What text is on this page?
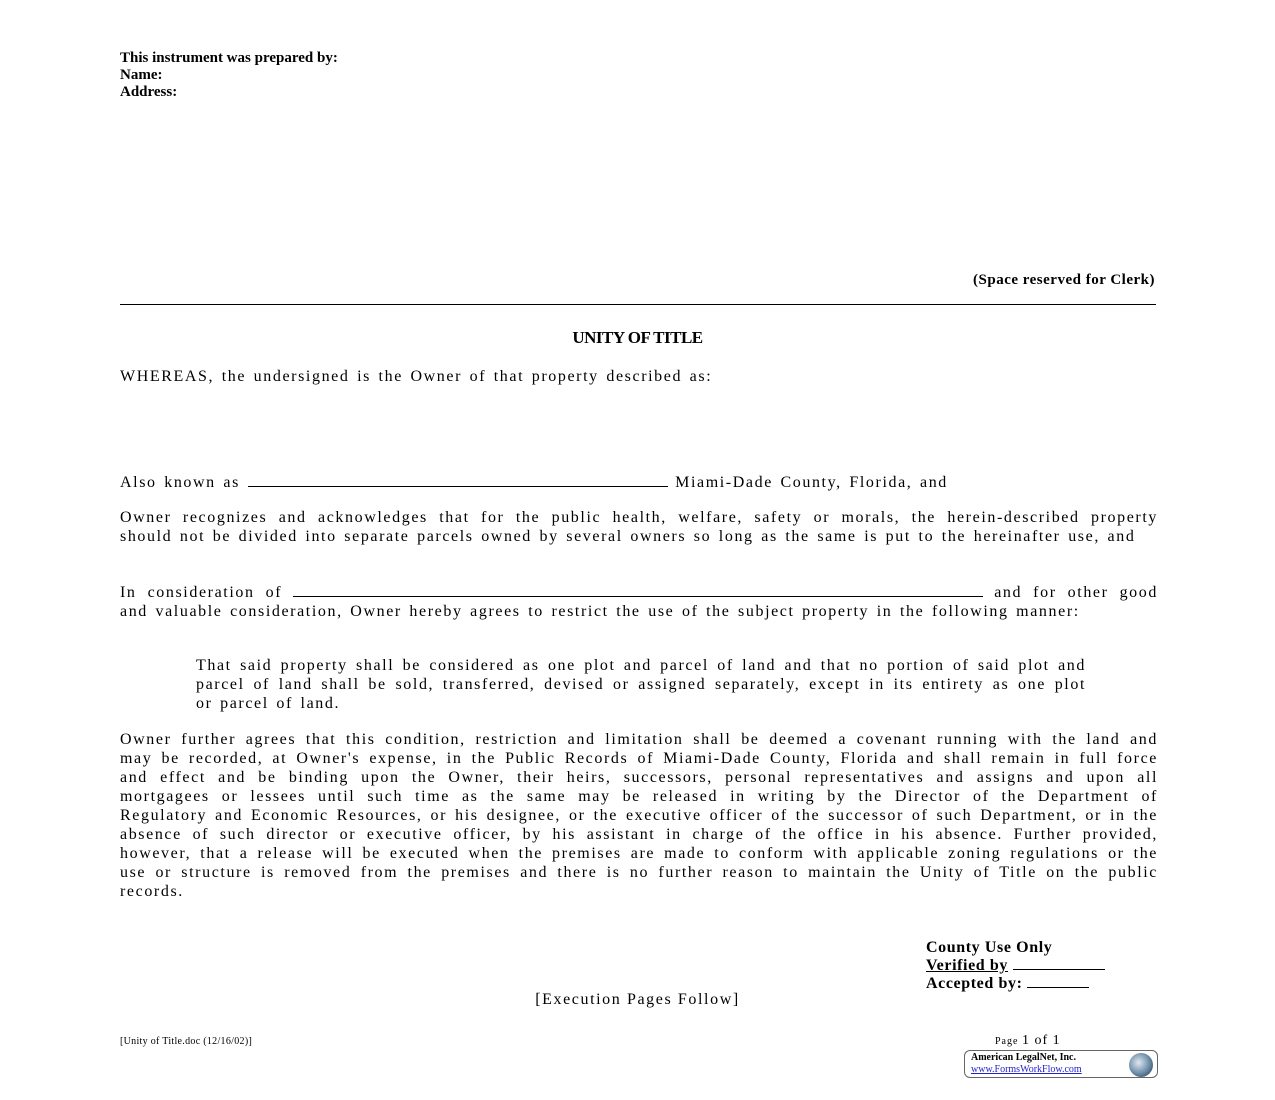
This instrument was prepared by:
Name:
Address:
(Space reserved for Clerk)
UNITY OF TITLE
WHEREAS, the undersigned is the Owner of that property described as:
Also known as	Miami-Dade County, Florida, and
Owner recognizes and acknowledges that for the public health, welfare, safety or morals, the herein-described property should not be divided into separate parcels owned by several owners so long as the same is put to the hereinafter use, and
In consideration of	and for other good and valuable consideration, Owner hereby agrees to restrict the use of the subject property in the following manner:
That said property shall be considered as one plot and parcel of land and that no portion of said plot and parcel of land shall be sold, transferred, devised or assigned separately, except in its entirety as one plot or parcel of land.
Owner further agrees that this condition, restriction and limitation shall be deemed a covenant running with the land and may be recorded, at Owner's expense, in the Public Records of Miami-Dade County, Florida and shall remain in full force and effect and be binding upon the Owner, their heirs, successors, personal representatives and assigns and upon all mortgagees or lessees until such time as the same may be released in writing by the Director of the Department of Regulatory and Economic Resources, or his designee, or the executive officer of the successor of such Department, or in the absence of such director or executive officer, by his assistant in charge of the office in his absence. Further provided, however, that a release will be executed when the premises are made to conform with applicable zoning regulations or the use or structure is removed from the premises and there is no further reason to maintain the Unity of Title on the public records.
County Use Only
Verified by
Accepted by:
[Execution Pages Follow]
[Unity of Title.doc (12/16/02)]	Page 1 of 1
American LegalNet, Inc.
www.FormsWorkFlow.com
